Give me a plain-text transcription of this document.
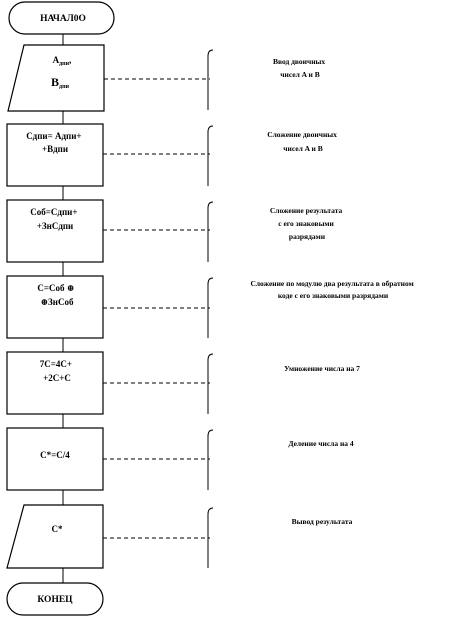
НАЧАЛ0О
$A_{дпи}$,
Bдпи
Ввод двоичных чисел A и B
Cдпи= Aдпи+ +Bдпи
Сложение двоичных чисел A и B
Cоб=Cдпи+ +ЗнCдпи
Сложение результата с его знаковыми разрядами
C=Cоб ⊕ ⊕ЗнCоб
Сложение по модулю два результата в обратном коде с его знаковыми разрядами
7C=4C+ +2C+C
Умножение числа на 7
C*=C/4
Деление числа на 4
C*
Вывод результата
КОНЕЦ
